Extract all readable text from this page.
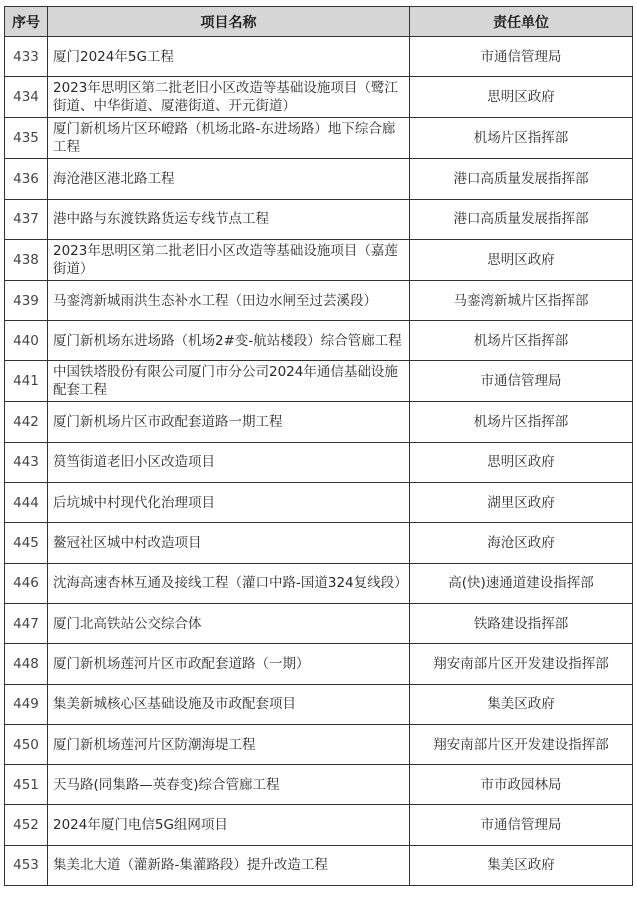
序号	项目名称	责任单位
433	厦门2024年5G工程	市通信管理局
434	2023年思明区第二批老旧小区改造等基础设施项目（鹭江街道、中华街道、厦港街道、开元街道）	思明区政府
435	厦门新机场片区环嶝路（机场北路-东进场路）地下综合廊工程	机场片区指挥部
436	海沧港区港北路工程	港口高质量发展指挥部
437	港中路与东渡铁路货运专线节点工程	港口高质量发展指挥部
438	2023年思明区第二批老旧小区改造等基础设施项目（嘉莲街道）	思明区政府
439	马銮湾新城雨洪生态补水工程（田边水闸至过芸溪段）	马銮湾新城片区指挥部
440	厦门新机场东进场路（机场2#变-航站楼段）综合管廊工程	机场片区指挥部
441	中国铁塔股份有限公司厦门市分公司2024年通信基础设施配套工程	市通信管理局
442	厦门新机场片区市政配套道路一期工程	机场片区指挥部
443	筼筜街道老旧小区改造项目	思明区政府
444	后坑城中村现代化治理项目	湖里区政府
445	鳌冠社区城中村改造项目	海沧区政府
446	沈海高速杏林互通及接线工程（灌口中路-国道324复线段）	高(快)速通道建设指挥部
447	厦门北高铁站公交综合体	铁路建设指挥部
448	厦门新机场莲河片区市政配套道路（一期）	翔安南部片区开发建设指挥部
449	集美新城核心区基础设施及市政配套项目	集美区政府
450	厦门新机场莲河片区防潮海堤工程	翔安南部片区开发建设指挥部
451	天马路(同集路—英春变)综合管廊工程	市市政园林局
452	2024年厦门电信5G组网项目	市通信管理局
453	集美北大道（灌新路-集灌路段）提升改造工程	集美区政府
